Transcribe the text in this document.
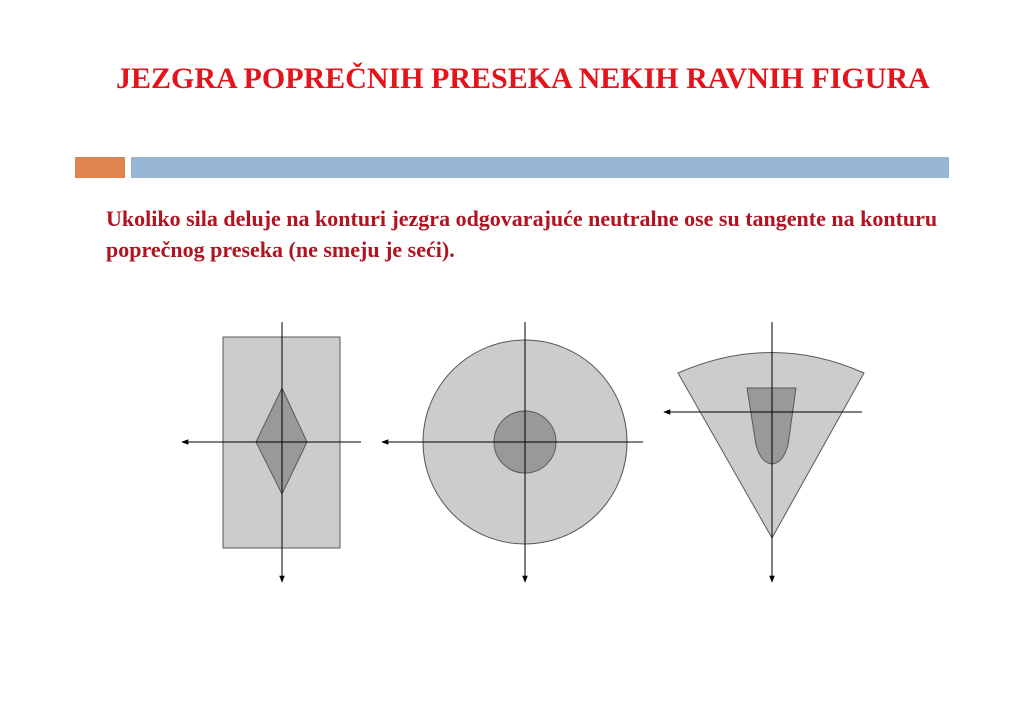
JEZGRA POPREČNIH PRESEKA NEKIH RAVNIH FIGURA

Ukoliko sila deluje na konturi jezgra odgovarajuće neutralne ose su tangente na konturu poprečnog preseka (ne smeju je seći).
